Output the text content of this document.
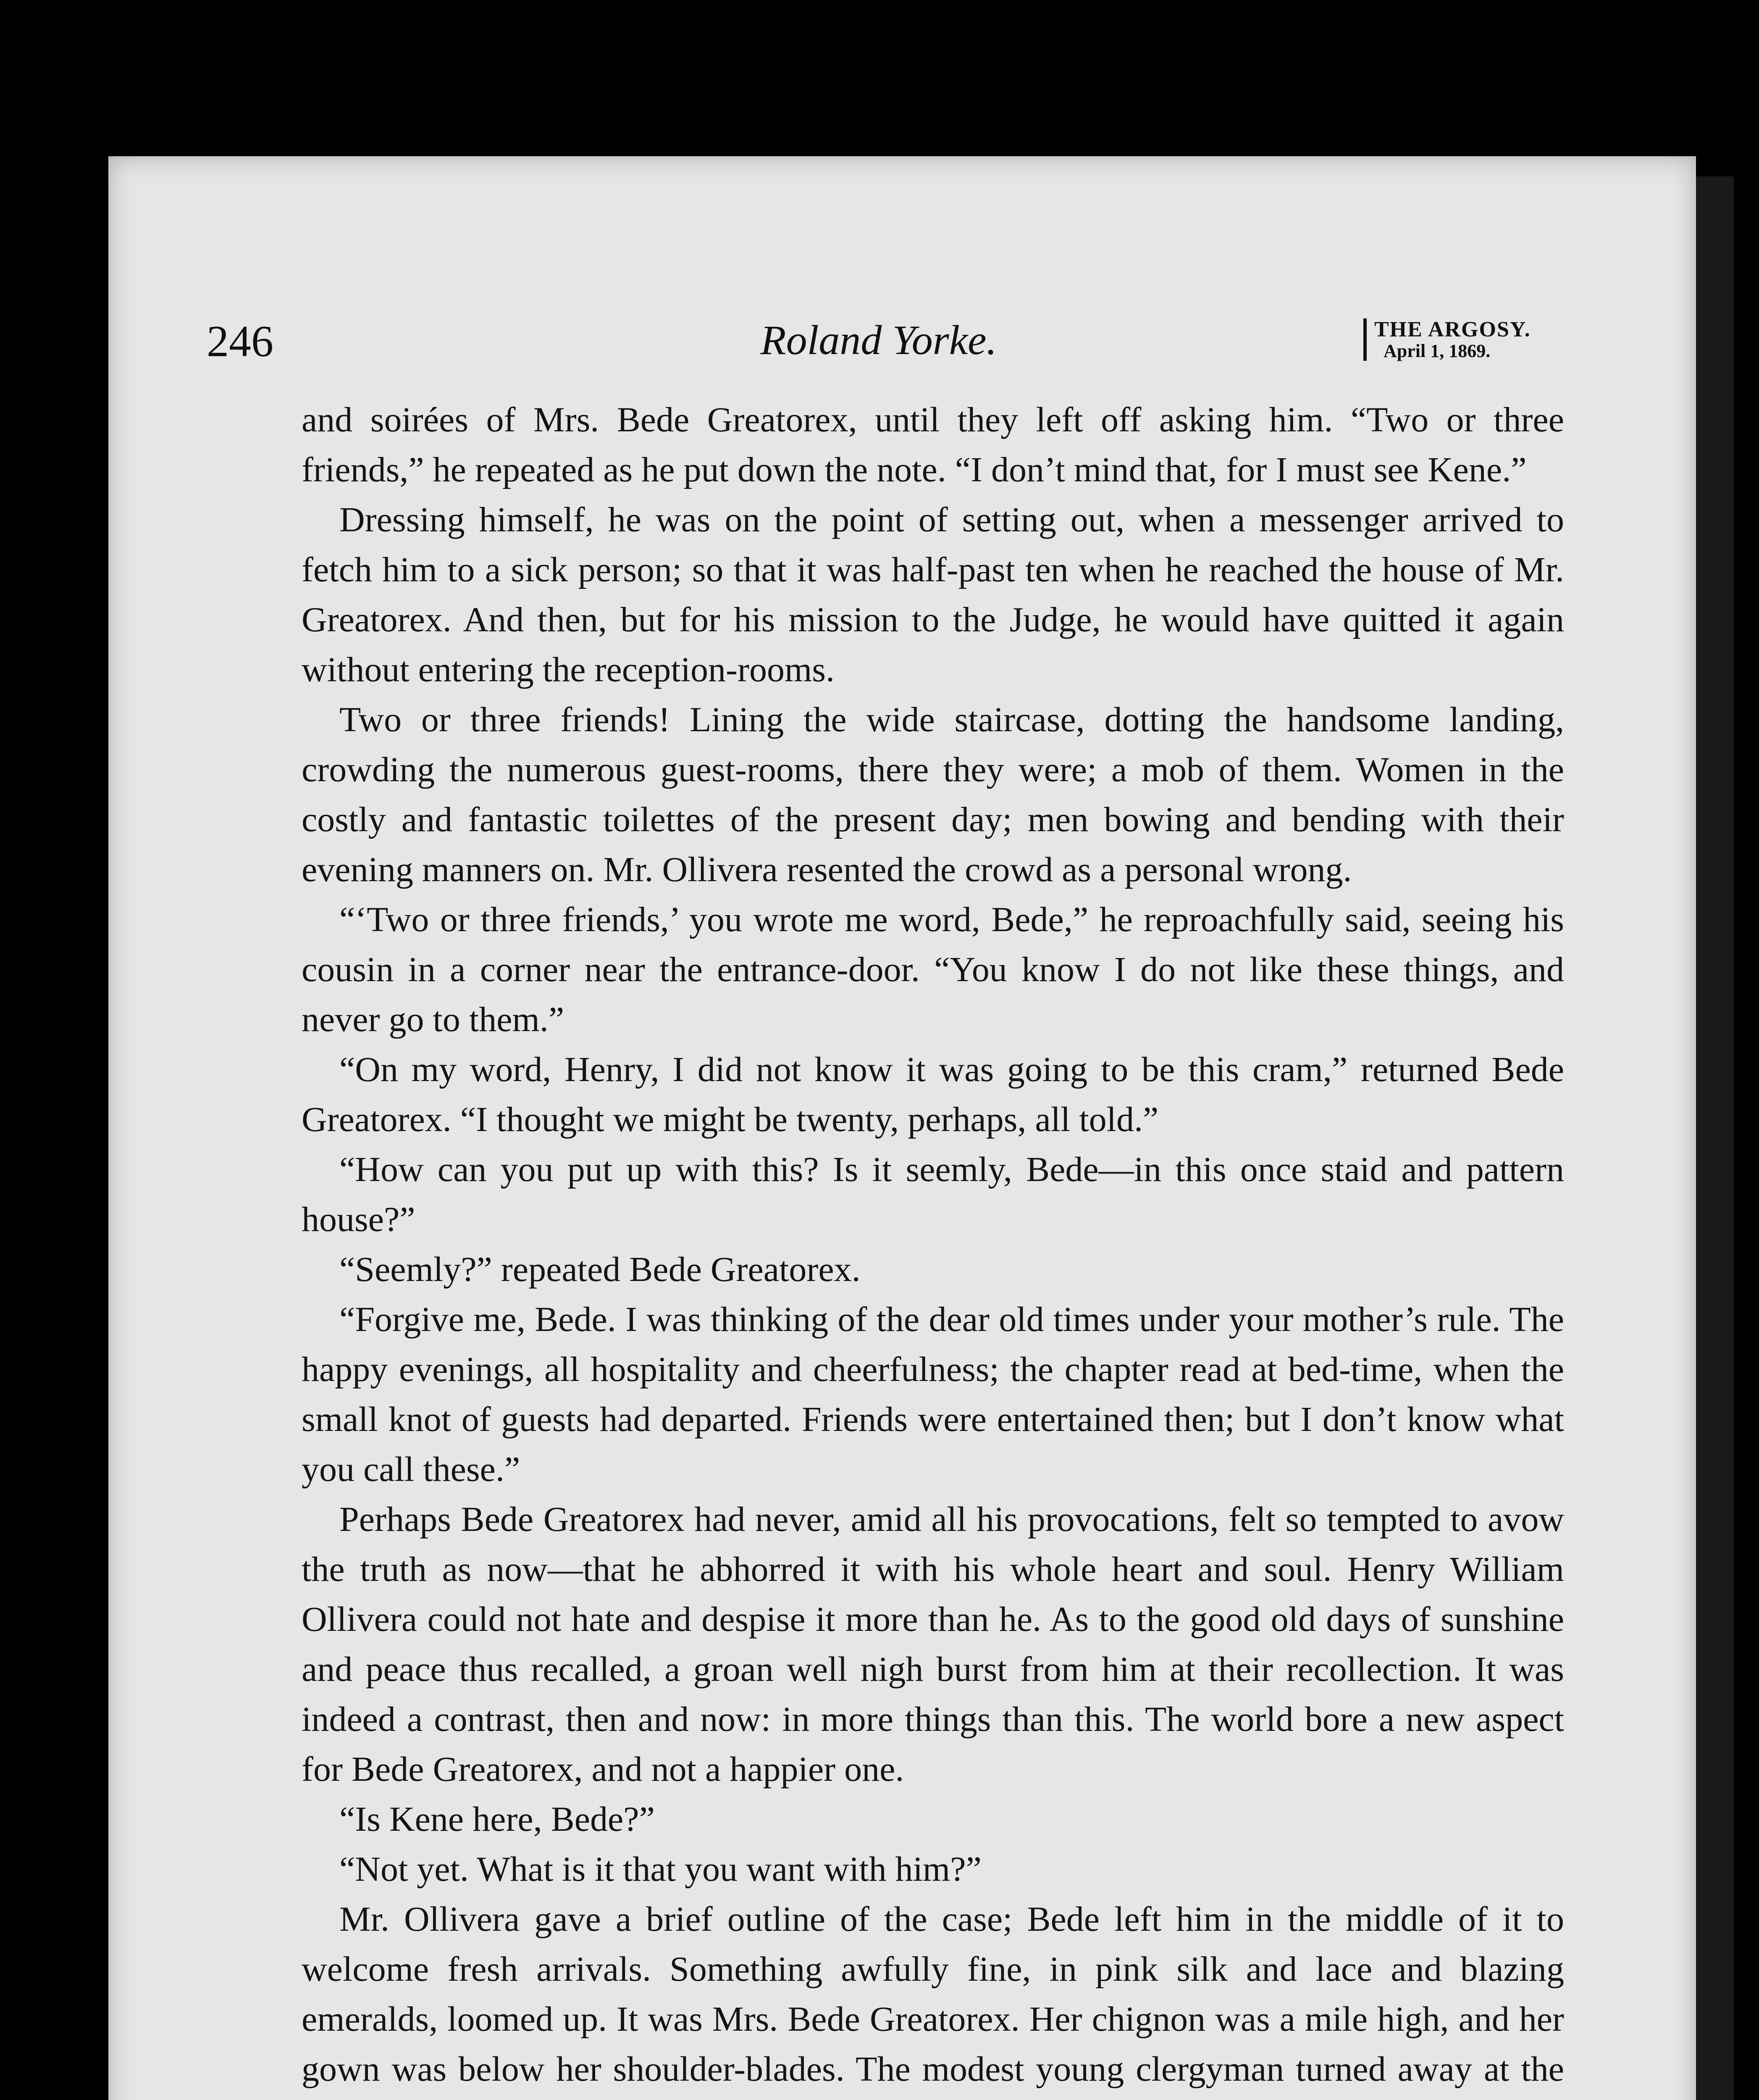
246	Roland Yorke.	THE ARGOSY.
April 1, 1869.

and soirées of Mrs. Bede Greatorex, until they left off asking him. “Two or three friends,” he repeated as he put down the note. “I don’t mind that, for I must see Kene.”

Dressing himself, he was on the point of setting out, when a messenger arrived to fetch him to a sick person; so that it was half-past ten when he reached the house of Mr. Greatorex. And then, but for his mission to the Judge, he would have quitted it again without entering the reception-rooms.

Two or three friends! Lining the wide staircase, dotting the handsome landing, crowding the numerous guest-rooms, there they were; a mob of them. Women in the costly and fantastic toilettes of the present day; men bowing and bending with their evening manners on. Mr. Ollivera resented the crowd as a personal wrong.

“‘Two or three friends,’ you wrote me word, Bede,” he reproachfully said, seeing his cousin in a corner near the entrance-door. “You know I do not like these things, and never go to them.”

“On my word, Henry, I did not know it was going to be this cram,” returned Bede Greatorex. “I thought we might be twenty, perhaps, all told.”

“How can you put up with this? Is it seemly, Bede—in this once staid and pattern house?”

“Seemly?” repeated Bede Greatorex.

“Forgive me, Bede. I was thinking of the dear old times under your mother’s rule. The happy evenings, all hospitality and cheerfulness; the chapter read at bed-time, when the small knot of guests had departed. Friends were entertained then; but I don’t know what you call these.”

Perhaps Bede Greatorex had never, amid all his provocations, felt so tempted to avow the truth as now—that he abhorred it with his whole heart and soul. Henry William Ollivera could not hate and despise it more than he. As to the good old days of sunshine and peace thus recalled, a groan well nigh burst from him at their recollection. It was indeed a contrast, then and now: in more things than this. The world bore a new aspect for Bede Greatorex, and not a happier one.

“Is Kene here, Bede?”

“Not yet. What is it that you want with him?”

Mr. Ollivera gave a brief outline of the case; Bede left him in the middle of it to welcome fresh arrivals. Something awfully fine, in pink silk and lace and blazing emeralds, loomed up. It was Mrs. Bede Greatorex. Her chignon was a mile high, and her gown was below her shoulder-blades. The modest young clergyman turned away at the
